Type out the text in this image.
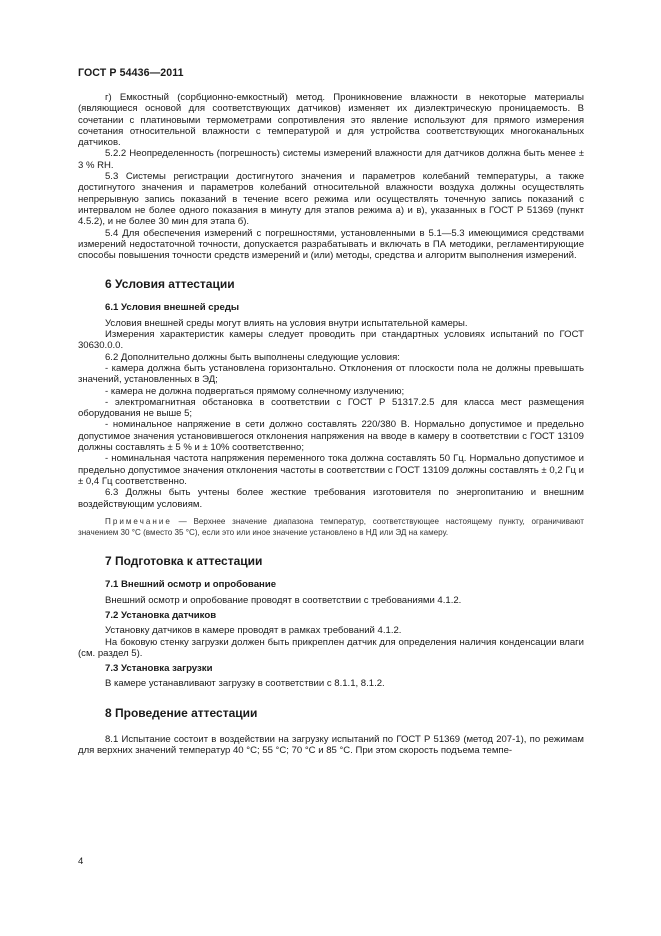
ГОСТ Р 54436—2011

г) Емкостный (сорбционно-емкостный) метод. Проникновение влажности в некоторые материалы (являющиеся основой для соответствующих датчиков) изменяет их диэлектрическую проницаемость. В сочетании с платиновыми термометрами сопротивления это явление используют для прямого измерения сочетания относительной влажности с температурой и для устройства соответствующих многоканальных датчиков.

5.2.2 Неопределенность (погрешность) системы измерений влажности для датчиков должна быть менее ± 3 % RH.

5.3 Системы регистрации достигнутого значения и параметров колебаний температуры, а также достигнутого значения и параметров колебаний относительной влажности воздуха должны осуществлять непрерывную запись показаний в течение всего режима или осуществлять точечную запись показаний с интервалом не более одного показания в минуту для этапов режима а) и в), указанных в ГОСТ Р 51369 (пункт 4.5.2), и не более 30 мин для этапа б).

5.4 Для обеспечения измерений с погрешностями, установленными в 5.1—5.3 имеющимися средствами измерений недостаточной точности, допускается разрабатывать и включать в ПА методики, регламентирующие способы повышения точности средств измерений и (или) методы, средства и алгоритм выполнения измерений.

6 Условия аттестации
6.1 Условия внешней среды

Условия внешней среды могут влиять на условия внутри испытательной камеры.

Измерения характеристик камеры следует проводить при стандартных условиях испытаний по ГОСТ 30630.0.0.

6.2 Дополнительно должны быть выполнены следующие условия:

- камера должна быть установлена горизонтально. Отклонения от плоскости пола не должны превышать значений, установленных в ЭД;

- камера не должна подвергаться прямому солнечному излучению;

- электромагнитная обстановка в соответствии с ГОСТ Р 51317.2.5 для класса мест размещения оборудования не выше 5;

- номинальное напряжение в сети должно составлять 220/380 В. Нормально допустимое и предельно допустимое значения установившегося отклонения напряжения на вводе в камеру в соответствии с ГОСТ 13109 должны составлять ± 5 % и ± 10% соответственно;

- номинальная частота напряжения переменного тока должна составлять 50 Гц. Нормально допустимое и предельно допустимое значения отклонения частоты в соответствии с ГОСТ 13109 должны составлять ± 0,2 Гц и ± 0,4 Гц соответственно.

6.3 Должны быть учтены более жесткие требования изготовителя по энергопитанию и внешним воздействующим условиям.

Примечание — Верхнее значение диапазона температур, соответствующее настоящему пункту, ограничивают значением 30 °С (вместо 35 °С), если это или иное значение установлено в НД или ЭД на камеру.

7 Подготовка к аттестации
7.1 Внешний осмотр и опробование

Внешний осмотр и опробование проводят в соответствии с требованиями 4.1.2.

7.2 Установка датчиков

Установку датчиков в камере проводят в рамках требований 4.1.2.

На боковую стенку загрузки должен быть прикреплен датчик для определения наличия конденсации влаги (см. раздел 5).

7.3 Установка загрузки

В камере устанавливают загрузку в соответствии с 8.1.1, 8.1.2.

8 Проведение аттестации

8.1 Испытание состоит в воздействии на загрузку испытаний по ГОСТ Р 51369 (метод 207-1), по режимам для верхних значений температур 40 °С; 55 °С; 70 °С и 85 °С. При этом скорость подъема темпе-

4
